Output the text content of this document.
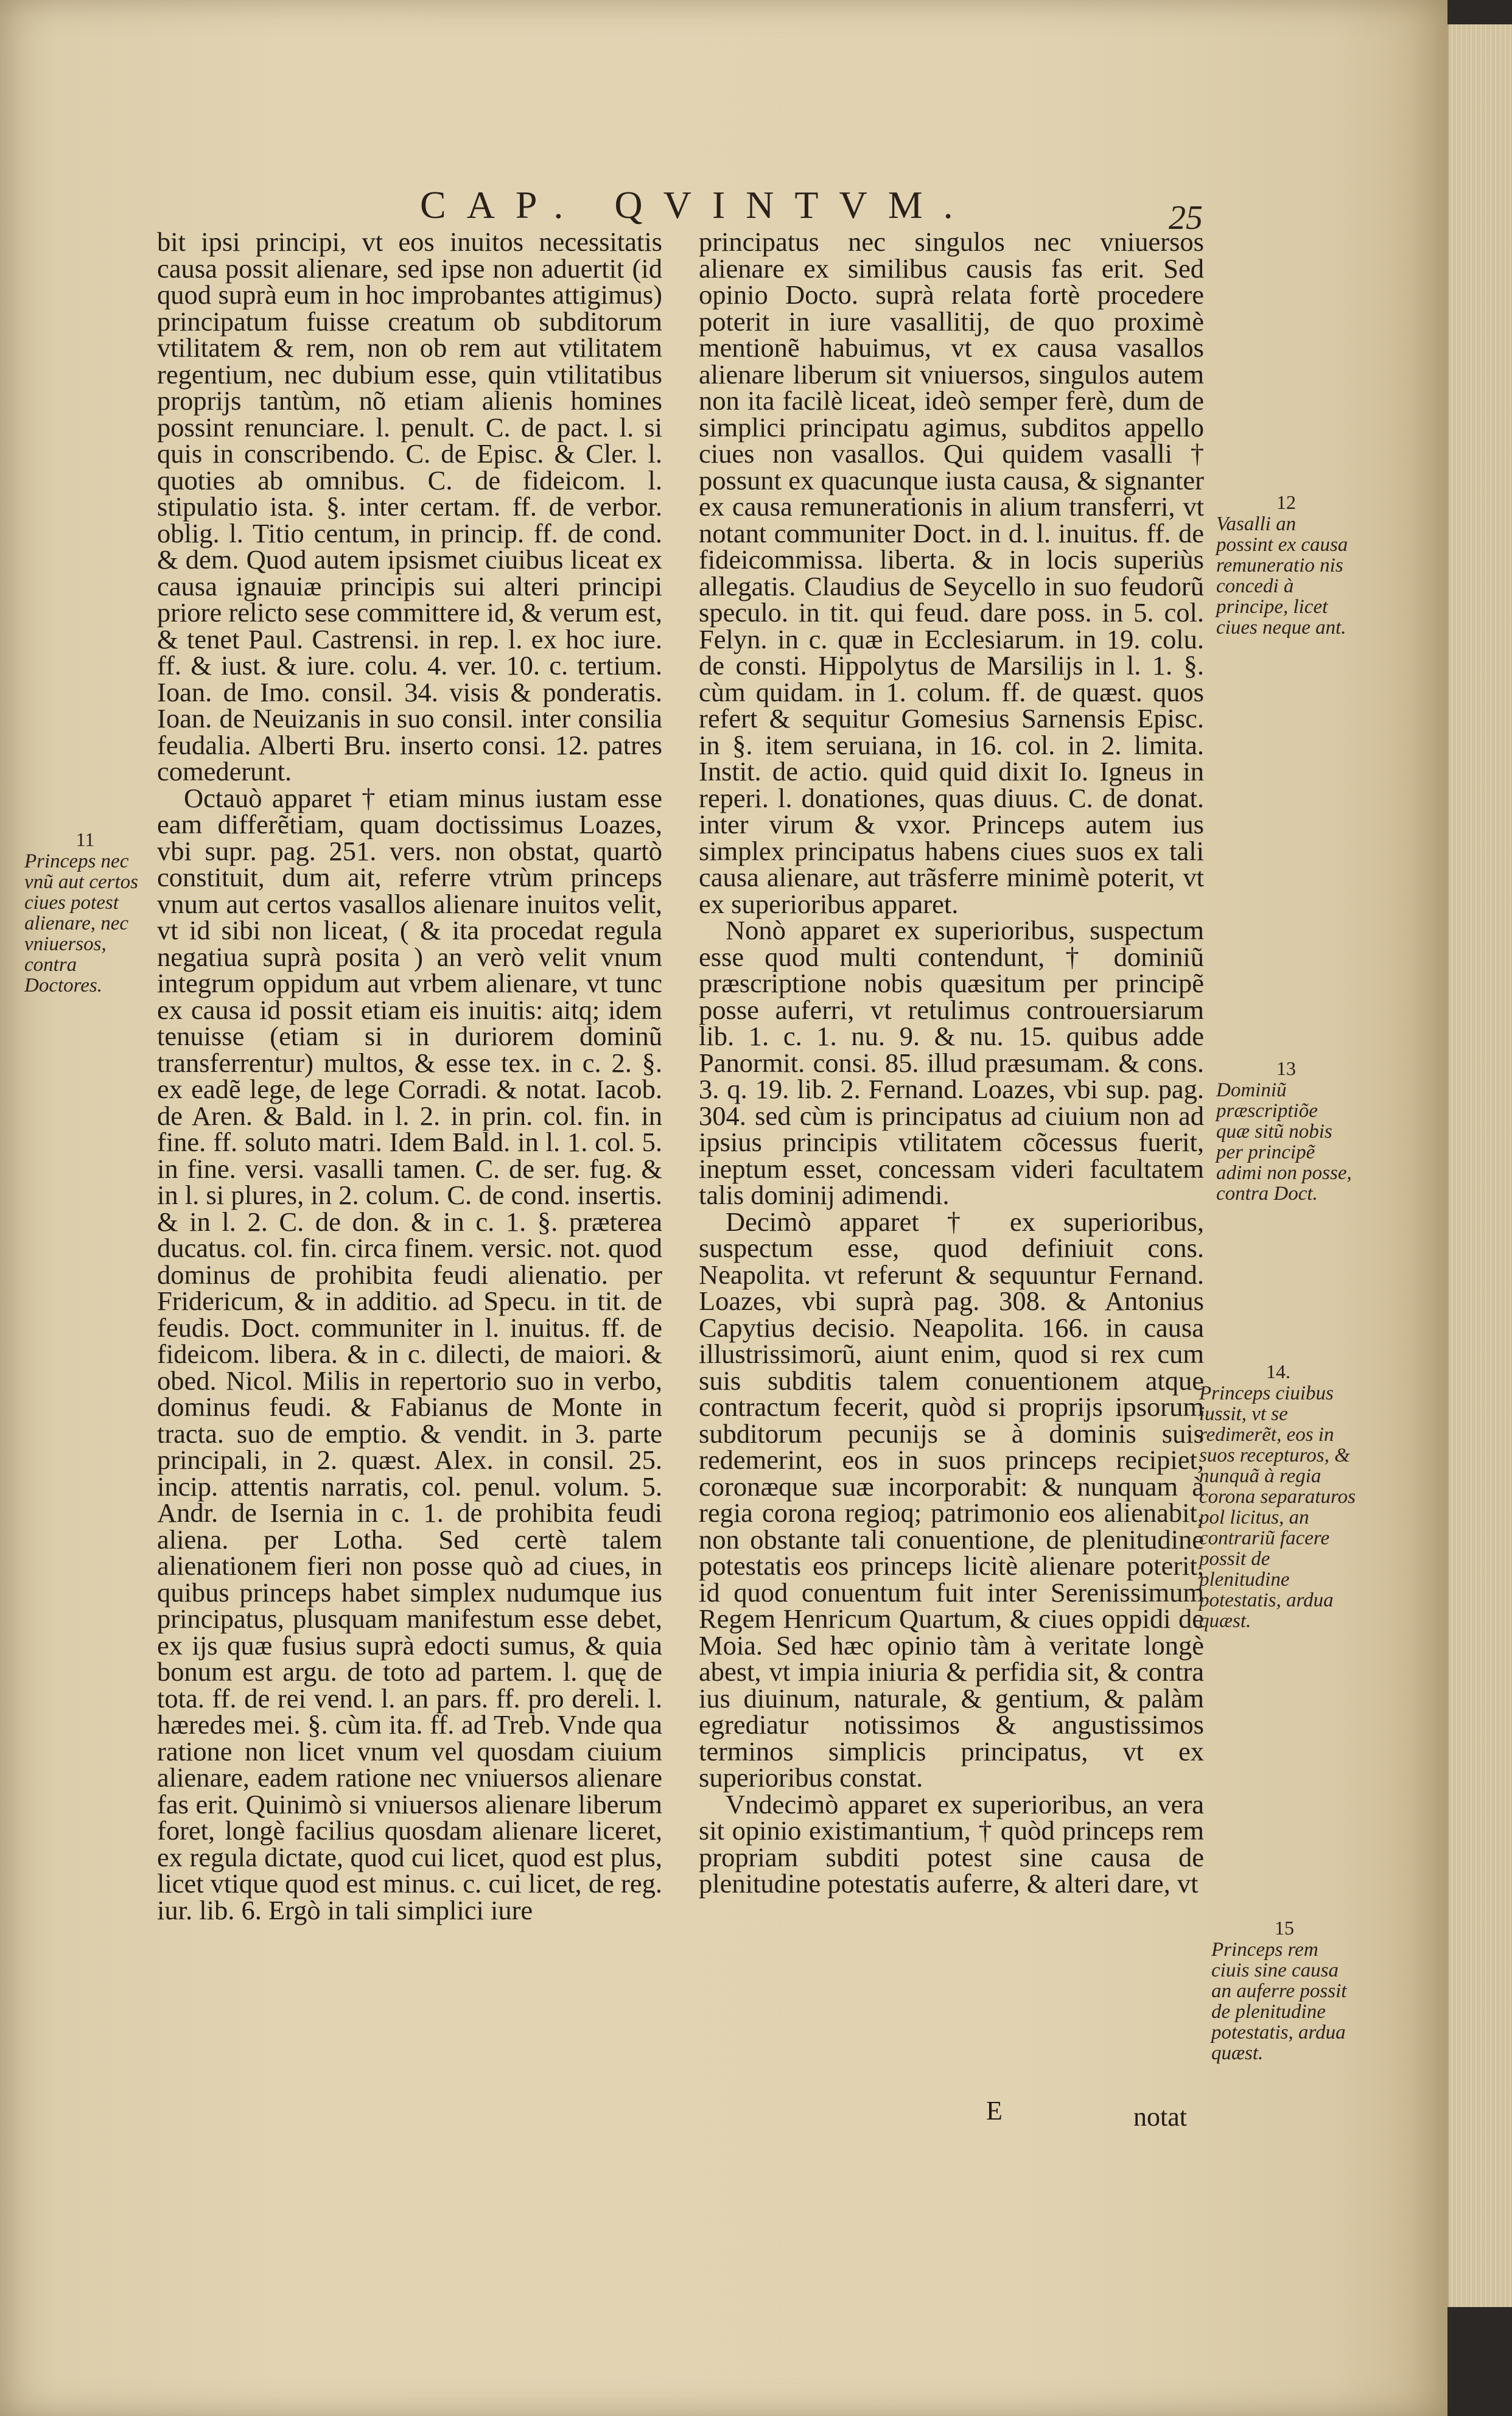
CAP. QVINTVM.	25

bit ipsi principi, vt eos inuitos necessitatis causa possit alienare, sed ipse non aduertit (id quod suprà eum in hoc improbantes attigimus) principatum fuisse creatum ob subditorum vtilitatem & rem, non ob rem aut vtilitatem regentium, nec dubium esse, quin vtilitatibus proprijs tantùm, nõ etiam alienis homines possint renunciare. l. penult. C. de pact. l. si quis in conscribendo. C. de Episc. & Cler. l. quoties ab omnibus. C. de fideicom. l. stipulatio ista. §. inter certam. ff. de verbor. oblig. l. Titio centum, in princip. ff. de cond. & dem. Quod autem ipsismet ciuibus liceat ex causa ignauiæ principis sui alteri principi priore relicto sese committere id, & verum est, & tenet Paul. Castrensi. in rep. l. ex hoc iure. ff. & iust. & iure. colu. 4. ver. 10. c. tertium. Ioan. de Imo. consil. 34. visis & ponderatis. Ioan. de Neuizanis in suo consil. inter consilia feudalia. Alberti Bru. inserto consi. 12. patres comederunt.

Octauò apparet † etiam minus iustam esse eam differẽtiam, quam doctissimus Loazes, vbi supr. pag. 251. vers. non obstat, quartò constituit, dum ait, referre vtrùm princeps vnum aut certos vasallos alienare inuitos velit, vt id sibi non liceat, ( & ita procedat regula negatiua suprà posita ) an verò velit vnum integrum oppidum aut vrbem alienare, vt tunc ex causa id possit etiam eis inuitis: aitq; idem tenuisse (etiam si in duriorem dominũ transferrentur) multos, & esse tex. in c. 2. §. ex eadẽ lege, de lege Corradi. & notat. Iacob. de Aren. & Bald. in l. 2. in prin. col. fin. in fine. ff. soluto matri. Idem Bald. in l. 1. col. 5. in fine. versi. vasalli tamen. C. de ser. fug. & in l. si plures, in 2. colum. C. de cond. insertis. & in l. 2. C. de don. & in c. 1. §. præterea ducatus. col. fin. circa finem. versic. not. quod dominus de prohibita feudi alienatio. per Fridericum, & in additio. ad Specu. in tit. de feudis. Doct. communiter in l. inuitus. ff. de fideicom. libera. & in c. dilecti, de maiori. & obed. Nicol. Milis in repertorio suo in verbo, dominus feudi. & Fabianus de Monte in tracta. suo de emptio. & vendit. in 3. parte principali, in 2. quæst. Alex. in consil. 25. incip. attentis narratis, col. penul. volum. 5. Andr. de Isernia in c. 1. de prohibita feudi aliena. per Lotha. Sed certè talem alienationem fieri non posse quò ad ciues, in quibus princeps habet simplex nudumque ius principatus, plusquam manifestum esse debet, ex ijs quæ fusius suprà edocti sumus, & quia bonum est argu. de toto ad partem. l. quę de tota. ff. de rei vend. l. an pars. ff. pro dereli. l. hæredes mei. §. cùm ita. ff. ad Treb. Vnde qua ratione non licet vnum vel quosdam ciuium alienare, eadem ratione nec vniuersos alienare fas erit. Quinimò si vniuersos alienare liberum foret, longè facilius quosdam alienare liceret, ex regula dictate, quod cui licet, quod est plus, licet vtique quod est minus. c. cui licet, de reg. iur. lib. 6. Ergò in tali simplici iure

principatus nec singulos nec vniuersos alienare ex similibus causis fas erit. Sed opinio Docto. suprà relata fortè procedere poterit in iure vasallitij, de quo proximè mentionẽ habuimus, vt ex causa vasallos alienare liberum sit vniuersos, singulos autem non ita facilè liceat, ideò semper ferè, dum de simplici principatu agimus, subditos appello ciues non vasallos. Qui quidem vasalli † possunt ex quacunque iusta causa, & signanter ex causa remunerationis in alium transferri, vt notant communiter Doct. in d. l. inuitus. ff. de fideicommissa. liberta. & in locis superiùs allegatis. Claudius de Seycello in suo feudorũ speculo. in tit. qui feud. dare poss. in 5. col. Felyn. in c. quæ in Ecclesiarum. in 19. colu. de consti. Hippolytus de Marsilijs in l. 1. §. cùm quidam. in 1. colum. ff. de quæst. quos refert & sequitur Gomesius Sarnensis Episc. in §. item seruiana, in 16. col. in 2. limita. Instit. de actio. quid quid dixit Io. Igneus in reperi. l. donationes, quas diuus. C. de donat. inter virum & vxor. Princeps autem ius simplex principatus habens ciues suos ex tali causa alienare, aut trãsferre minimè poterit, vt ex superioribus apparet.

Nonò apparet ex superioribus, suspectum esse quod multi contendunt, † dominiũ præscriptione nobis quæsitum per principẽ posse auferri, vt retulimus controuersiarum lib. 1. c. 1. nu. 9. & nu. 15. quibus adde Panormit. consi. 85. illud præsumam. & cons. 3. q. 19. lib. 2. Fernand. Loazes, vbi sup. pag. 304. sed cùm is principatus ad ciuium non ad ipsius principis vtilitatem cõcessus fuerit, ineptum esset, concessam videri facultatem talis dominij adimendi.

Decimò apparet † ex superioribus, suspectum esse, quod definiuit cons. Neapolita. vt referunt & sequuntur Fernand. Loazes, vbi suprà pag. 308. & Antonius Capytius decisio. Neapolita. 166. in causa illustrissimorũ, aiunt enim, quod si rex cum suis subditis talem conuentionem atque contractum fecerit, quòd si proprijs ipsorum subditorum pecunijs se à dominis suis redemerint, eos in suos princeps recipiet, coronæque suæ incorporabit: & nunquam à regia corona regioq; patrimonio eos alienabit, non obstante tali conuentione, de plenitudine potestatis eos princeps licitè alienare poterit, id quod conuentum fuit inter Serenissimum Regem Henricum Quartum, & ciues oppidi de Moia. Sed hæc opinio tàm à veritate longè abest, vt impia iniuria & perfidia sit, & contra ius diuinum, naturale, & gentium, & palàm egrediatur notissimos & angustissimos terminos simplicis principatus, vt ex superioribus constat.

Vndecimò apparet ex superioribus, an vera sit opinio existimantium, † quòd princeps rem propriam subditi potest sine causa de plenitudine potestatis auferre, & alteri dare, vt

11
Princeps nec vnũ aut certos ciues potest alienare, nec vniuersos, contra Doctores.
12
Vasalli an possint ex causa remuneratio nis concedi à principe, licet ciues neque ant.
13
Dominiũ præscriptiõe quæ sitũ nobis per principẽ adimi non posse, contra Doct.
14.
Princeps ciuibus iussit, vt se redimerẽt, eos in suos recepturos, & nunquã à regia corona separaturos pol licitus, an contrariũ facere possit de plenitudine potestatis, ardua quæst.
15
Princeps rem ciuis sine causa an auferre possit de plenitudine potestatis, ardua quæst.
E	notat
